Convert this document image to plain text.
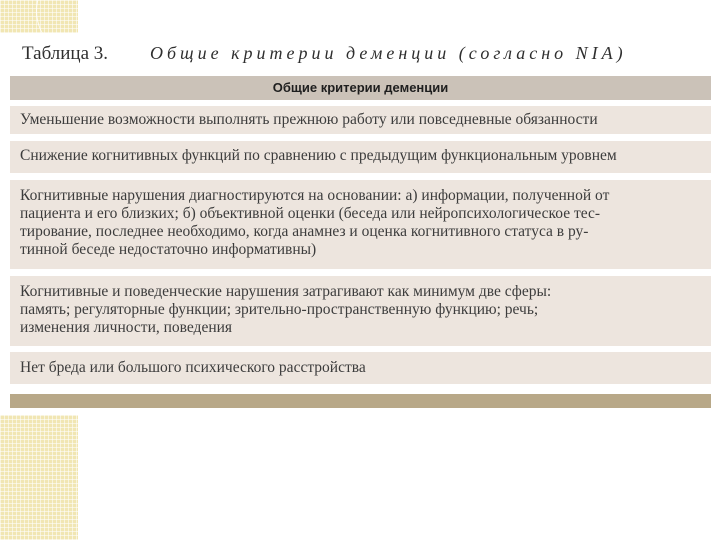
Таблица 3. Общие критерии деменции (согласно NIA)
Общие критерии деменции
Уменьшение возможности выполнять прежнюю работу или повседневные обязанности
Снижение когнитивных функций по сравнению с предыдущим функциональным уровнем
Когнитивные нарушения диагностируются на основании: а) информации, полученной от
пациента и его близких; б) объективной оценки (беседа или нейропсихологическое тес-
тирование, последнее необходимо, когда анамнез и оценка когнитивного статуса в ру-
тинной беседе недостаточно информативны)
Когнитивные и поведенческие нарушения затрагивают как минимум две сферы:
память; регуляторные функции; зрительно-пространственную функцию; речь;
изменения личности, поведения
Нет бреда или большого психического расстройства
